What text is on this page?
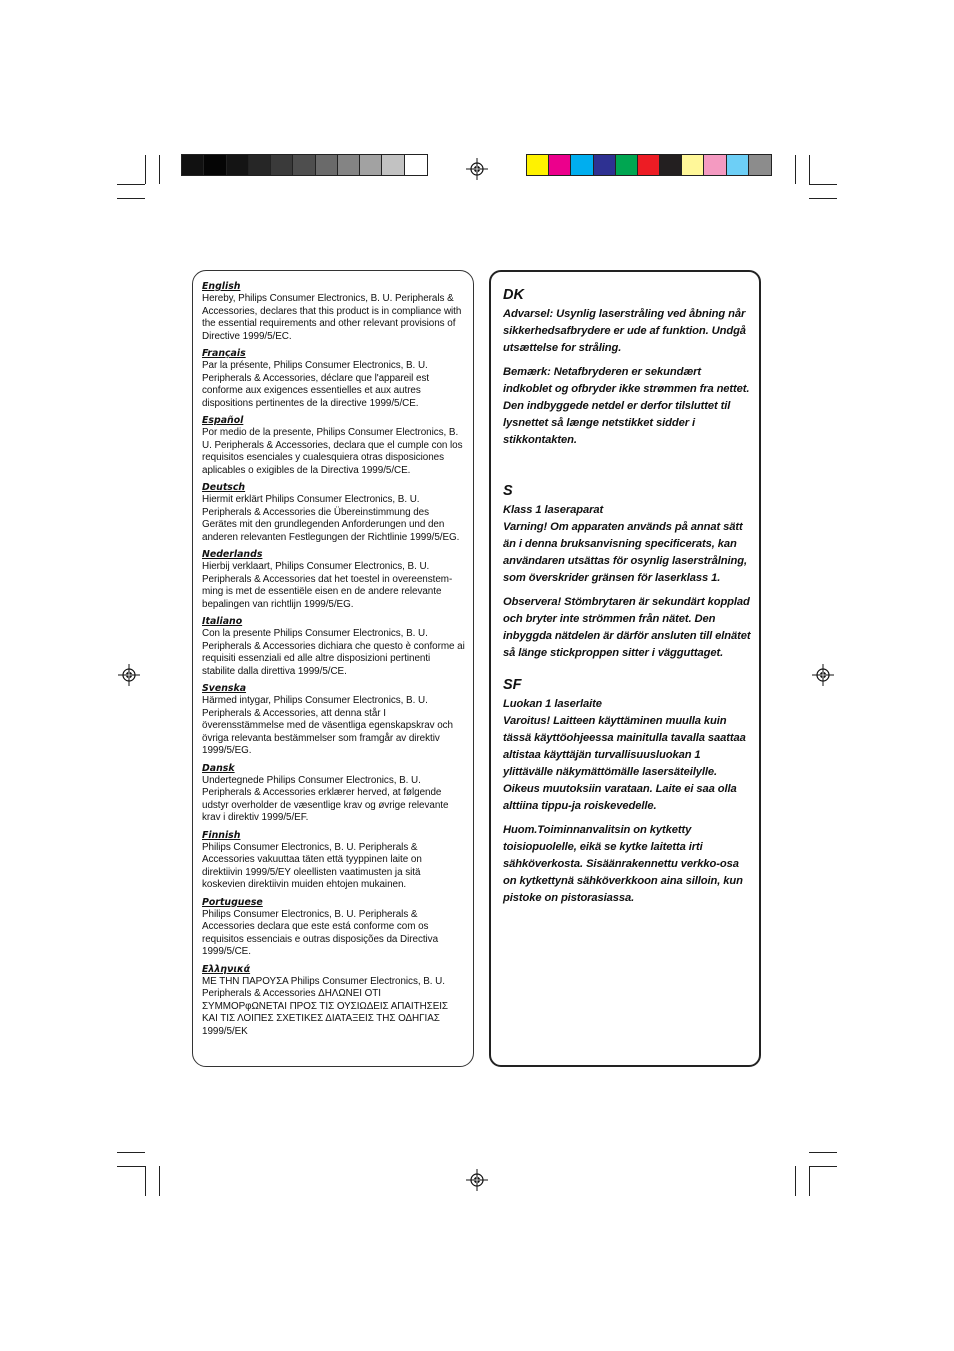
English
Hereby, Philips Consumer Electronics, B. U. Peripherals & Accessories, declares that this product is in compliance with the essential requirements and other relevant provisions of Directive 1999/5/EC.
Français
Par la présente, Philips Consumer Electronics, B. U. Peripherals & Accessories, déclare que l'appareil est conforme aux exigences essentielles et aux autres dispositions pertinentes de la directive 1999/5/CE.
Español
Por medio de la presente, Philips Consumer Electronics, B. U. Peripherals & Accessories, declara que el cumple con los requisitos esenciales y cualesquiera otras disposiciones aplicables o exigibles de la Directiva 1999/5/CE.
Deutsch
Hiermit erklärt Philips Consumer Electronics, B. U. Peripherals & Accessories die Übereinstimmung des Gerätes mit den grundlegenden Anforderungen und den anderen relevanten Festlegungen der Richtlinie 1999/5/EG.
Nederlands
Hierbij verklaart, Philips Consumer Electronics, B. U. Peripherals & Accessories dat het toestel in overeenstem-ming is met de essentiële eisen en de andere relevante bepalingen van richtlijn 1999/5/EG.
Italiano
Con la presente Philips Consumer Electronics, B. U. Peripherals & Accessories dichiara che questo è conforme ai requisiti essenziali ed alle altre disposizioni pertinenti stabilite dalla direttiva 1999/5/CE.
Svenska
Härmed intygar, Philips Consumer Electronics, B. U. Peripherals & Accessories, att denna står I överensstämmelse med de väsentliga egenskapskrav och övriga relevanta bestämmelser som framgår av direktiv 1999/5/EG.
Dansk
Undertegnede Philips Consumer Electronics, B. U. Peripherals & Accessories erklærer herved, at følgende udstyr overholder de væsentlige krav og øvrige relevante krav i direktiv 1999/5/EF.
Finnish
Philips Consumer Electronics, B. U. Peripherals & Accessories vakuuttaa täten että tyyppinen laite on direktiivin 1999/5/EY oleellisten vaatimusten ja sitä koskevien direktiivin muiden ehtojen mukainen.
Portuguese
Philips Consumer Electronics, B. U. Peripherals & Accessories declara que este está conforme com os requisitos essenciais e outras disposições da Directiva 1999/5/CE.
Ελληνικά
ΜΕ ΤΗΝ ΠΑΡΟΥΣΑ Philips Consumer Electronics, B. U. Peripherals & Accessories ΔΗΛΩΝΕΙ ΟΤΙ ΣΥΜΜΟΡφΩΝΕΤΑΙ ΠΡΟΣ ΤΙΣ ΟΥΣΙΩΔΕΙΣ ΑΠΑΙΤΗΣΕΙΣ ΚΑΙ ΤΙΣ ΛΟΙΠΕΣ ΣΧΕΤΙΚΕΣ ΔΙΑΤΑΞΕΙΣ ΤΗΣ ΟΔΗΓΙΑΣ 1999/5/ΕΚ
DK
Advarsel: Usynlig laserstråling ved åbning når sikkerhedsafbrydere er ude af funktion. Undgå utsættelse for stråling.
Bemærk: Netafbryderen er sekundært indkoblet og ofbryder ikke strømmen fra nettet. Den indbyggede netdel er derfor tilsluttet til lysnettet så længe netstikket sidder i stikkontakten.
S
Klass 1 laseraparat
Varning! Om apparaten används på annat sätt än i denna bruksanvisning specificerats, kan användaren utsättas för osynlig laserstrålning, som överskrider gränsen för laserklass 1.
Observera! Stömbrytaren är sekundärt kopplad och bryter inte strömmen från nätet. Den inbyggda nätdelen är därför ansluten till elnätet så länge stickproppen sitter i vägguttaget.
SF
Luokan 1 laserlaite
Varoitus! Laitteen käyttäminen muulla kuin tässä käyttöohjeessa mainitulla tavalla saattaa altistaa käyttäjän turvallisuusluokan 1 ylittävälle näkymättömälle lasersäteilylle.
Oikeus muutoksiin varataan. Laite ei saa olla alttiina tippu-ja roiskevedelle.
Huom.Toiminnanvalitsin on kytketty toisiopuolelle, eikä se kytke laitetta irti sähköverkosta. Sisäänrakennettu verkko-osa on kytkettynä sähköverkkoon aina silloin, kun pistoke on pistorasiassa.
